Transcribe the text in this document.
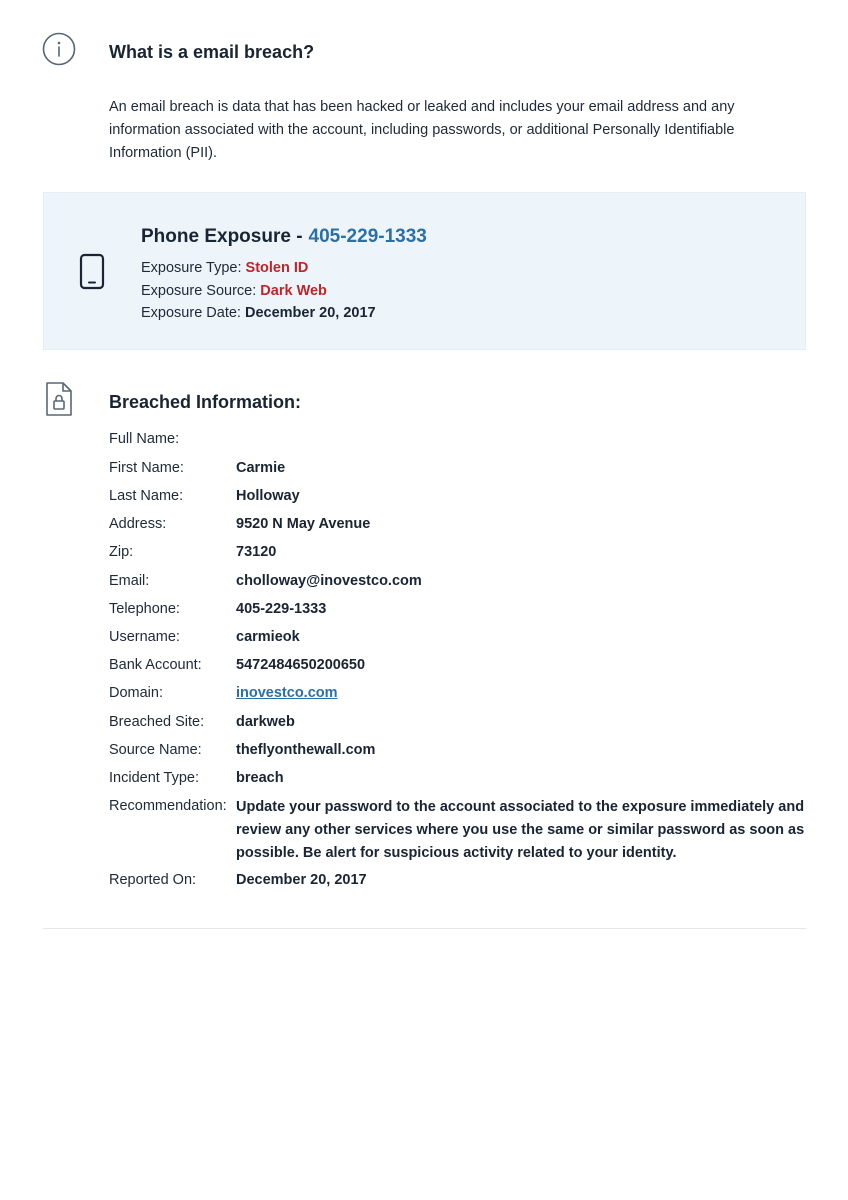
What is a email breach?
An email breach is data that has been hacked or leaked and includes your email address and any information associated with the account, including passwords, or additional Personally Identifiable Information (PII).
Phone Exposure - 405-229-1333
Exposure Type: Stolen ID
Exposure Source: Dark Web
Exposure Date: December 20, 2017
Breached Information:
Full Name:
First Name:	Carmie
Last Name:	Holloway
Address:	9520 N May Avenue
Zip:	73120
Email:	cholloway@inovestco.com
Telephone:	405-229-1333
Username:	carmieok
Bank Account: 5472484650200650
Domain:	inovestco.com
Breached Site: darkweb
Source Name: theflyonthewall.com
Incident Type:	breach
Recommendation: Update your password to the account associated to the exposure immediately and review any other services where you use the same or similar password as soon as possible. Be alert for suspicious activity related to your identity.
Reported On:	December 20, 2017
